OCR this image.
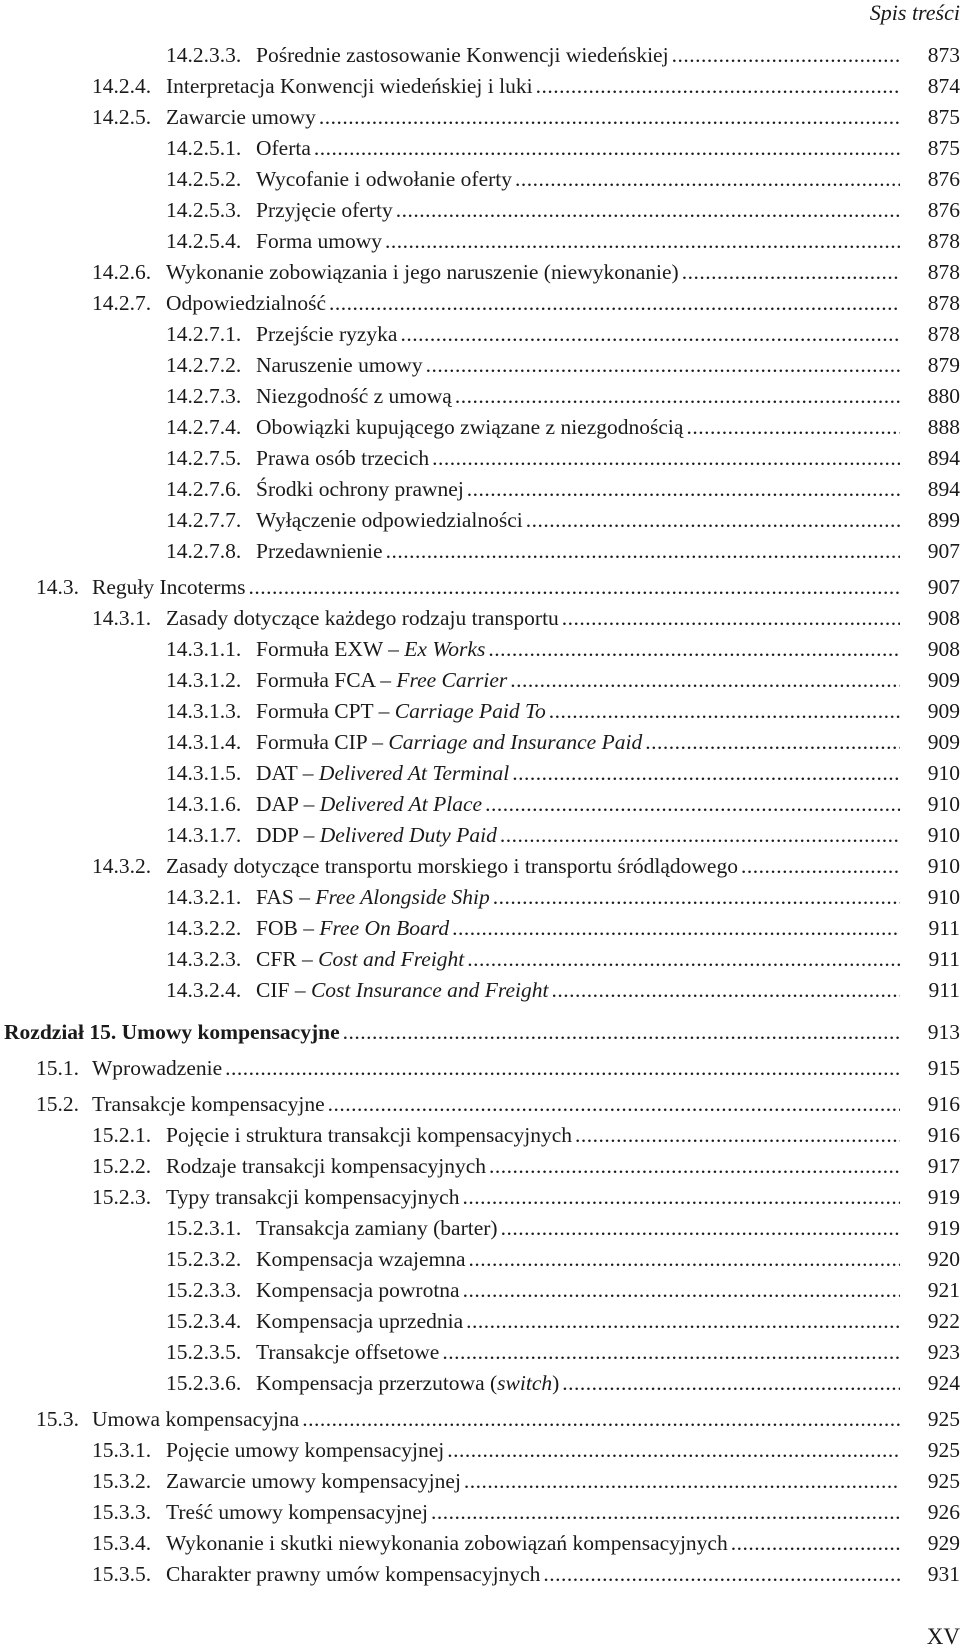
Spis treści
14.2.3.3. Pośrednie zastosowanie Konwencji wiedeńskiej .....	873
14.2.4. Interpretacja Konwencji wiedeńskiej i luki .....	874
14.2.5. Zawarcie umowy .....	875
14.2.5.1. Oferta .....	875
14.2.5.2. Wycofanie i odwołanie oferty .....	876
14.2.5.3. Przyjęcie oferty .....	876
14.2.5.4. Forma umowy .....	878
14.2.6. Wykonanie zobowiązania i jego naruszenie (niewykonanie) .....	878
14.2.7. Odpowiedzialność .....	878
14.2.7.1. Przejście ryzyka .....	878
14.2.7.2. Naruszenie umowy .....	879
14.2.7.3. Niezgodność z umową .....	880
14.2.7.4. Obowiązki kupującego związane z niezgodnością .....	888
14.2.7.5. Prawa osób trzecich .....	894
14.2.7.6. Środki ochrony prawnej .....	894
14.2.7.7. Wyłączenie odpowiedzialności .....	899
14.2.7.8. Przedawnienie .....	907
14.3. Reguły Incoterms .....	907
14.3.1. Zasady dotyczące każdego rodzaju transportu .....	908
14.3.1.1. Formuła EXW – Ex Works .....	908
14.3.1.2. Formuła FCA – Free Carrier .....	909
14.3.1.3. Formuła CPT – Carriage Paid To .....	909
14.3.1.4. Formuła CIP – Carriage and Insurance Paid .....	909
14.3.1.5. DAT – Delivered At Terminal .....	910
14.3.1.6. DAP – Delivered At Place .....	910
14.3.1.7. DDP – Delivered Duty Paid .....	910
14.3.2. Zasady dotyczące transportu morskiego i transportu śródlądowego .....	910
14.3.2.1. FAS – Free Alongside Ship .....	910
14.3.2.2. FOB – Free On Board .....	911
14.3.2.3. CFR – Cost and Freight .....	911
14.3.2.4. CIF – Cost Insurance and Freight .....	911
Rozdział 15. Umowy kompensacyjne .....	913
15.1. Wprowadzenie .....	915
15.2. Transakcje kompensacyjne .....	916
15.2.1. Pojęcie i struktura transakcji kompensacyjnych .....	916
15.2.2. Rodzaje transakcji kompensacyjnych .....	917
15.2.3. Typy transakcji kompensacyjnych .....	919
15.2.3.1. Transakcja zamiany (barter) .....	919
15.2.3.2. Kompensacja wzajemna .....	920
15.2.3.3. Kompensacja powrotna .....	921
15.2.3.4. Kompensacja uprzednia .....	922
15.2.3.5. Transakcje offsetowe .....	923
15.2.3.6. Kompensacja przerzutowa (switch) .....	924
15.3. Umowa kompensacyjna .....	925
15.3.1. Pojęcie umowy kompensacyjnej .....	925
15.3.2. Zawarcie umowy kompensacyjnej .....	925
15.3.3. Treść umowy kompensacyjnej .....	926
15.3.4. Wykonanie i skutki niewykonania zobowiązań kompensacyjnych .....	929
15.3.5. Charakter prawny umów kompensacyjnych .....	931
XV
